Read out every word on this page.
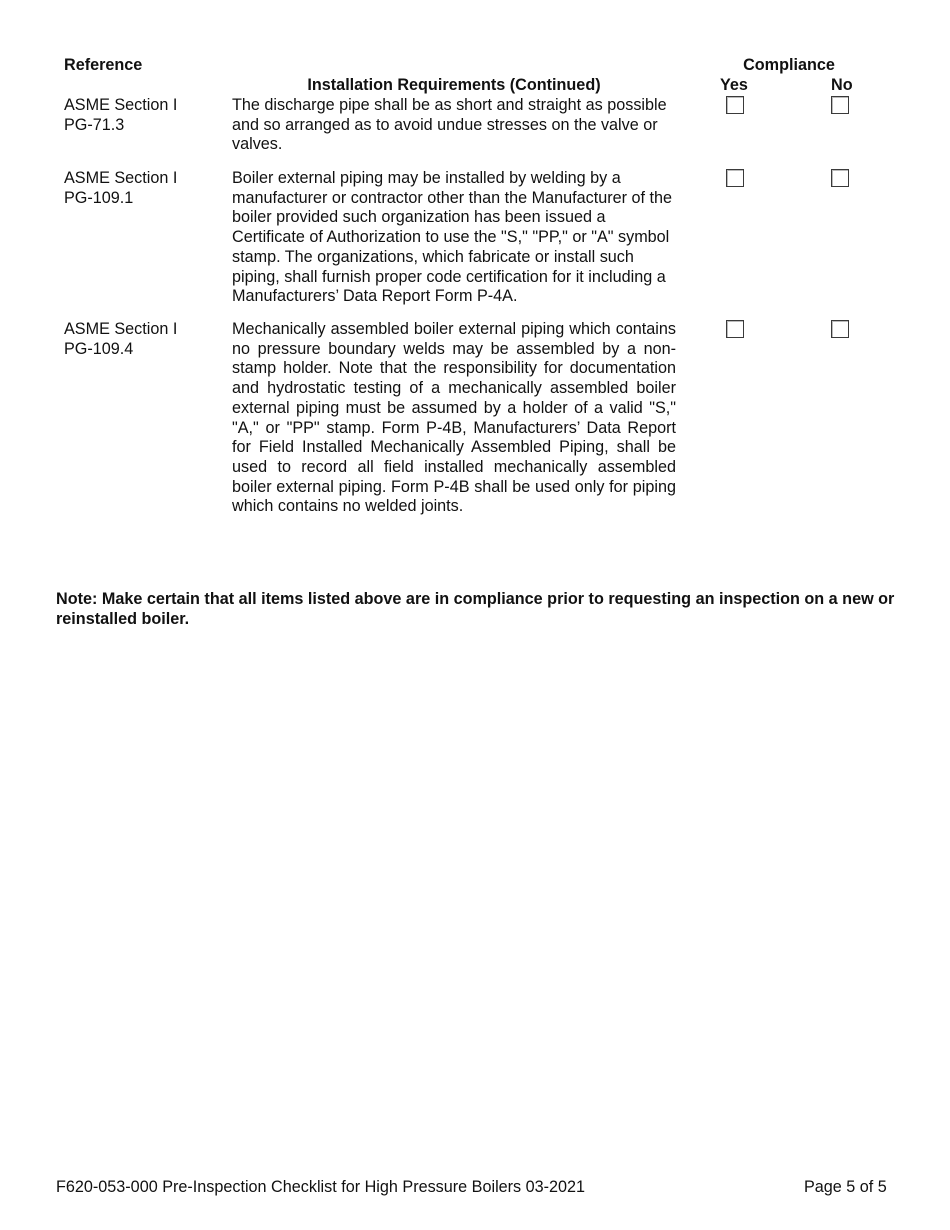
Reference
Installation Requirements (Continued)
Compliance
Yes	No
ASME Section I
PG-71.3
The discharge pipe shall be as short and straight as possible and so arranged as to avoid undue stresses on the valve or valves.
ASME Section I
PG-109.1
Boiler external piping may be installed by welding by a manufacturer or contractor other than the Manufacturer of the boiler provided such organization has been issued a Certificate of Authorization to use the "S," "PP," or "A" symbol stamp. The organizations, which fabricate or install such piping, shall furnish proper code certification for it including a Manufacturers’ Data Report Form P-4A.
ASME Section I
PG-109.4
Mechanically assembled boiler external piping which contains no pressure boundary welds may be assembled by a non-stamp holder. Note that the responsibility for documentation and hydrostatic testing of a mechanically assembled boiler external piping must be assumed by a holder of a valid "S," "A," or "PP" stamp. Form P-4B, Manufacturers’ Data Report for Field Installed Mechanically Assembled Piping, shall be used to record all field installed mechanically assembled boiler external piping. Form P-4B shall be used only for piping which contains no welded joints.
Note: Make certain that all items listed above are in compliance prior to requesting an inspection on a new or reinstalled boiler.
F620-053-000 Pre-Inspection Checklist for High Pressure Boilers 03-2021	Page 5 of 5
